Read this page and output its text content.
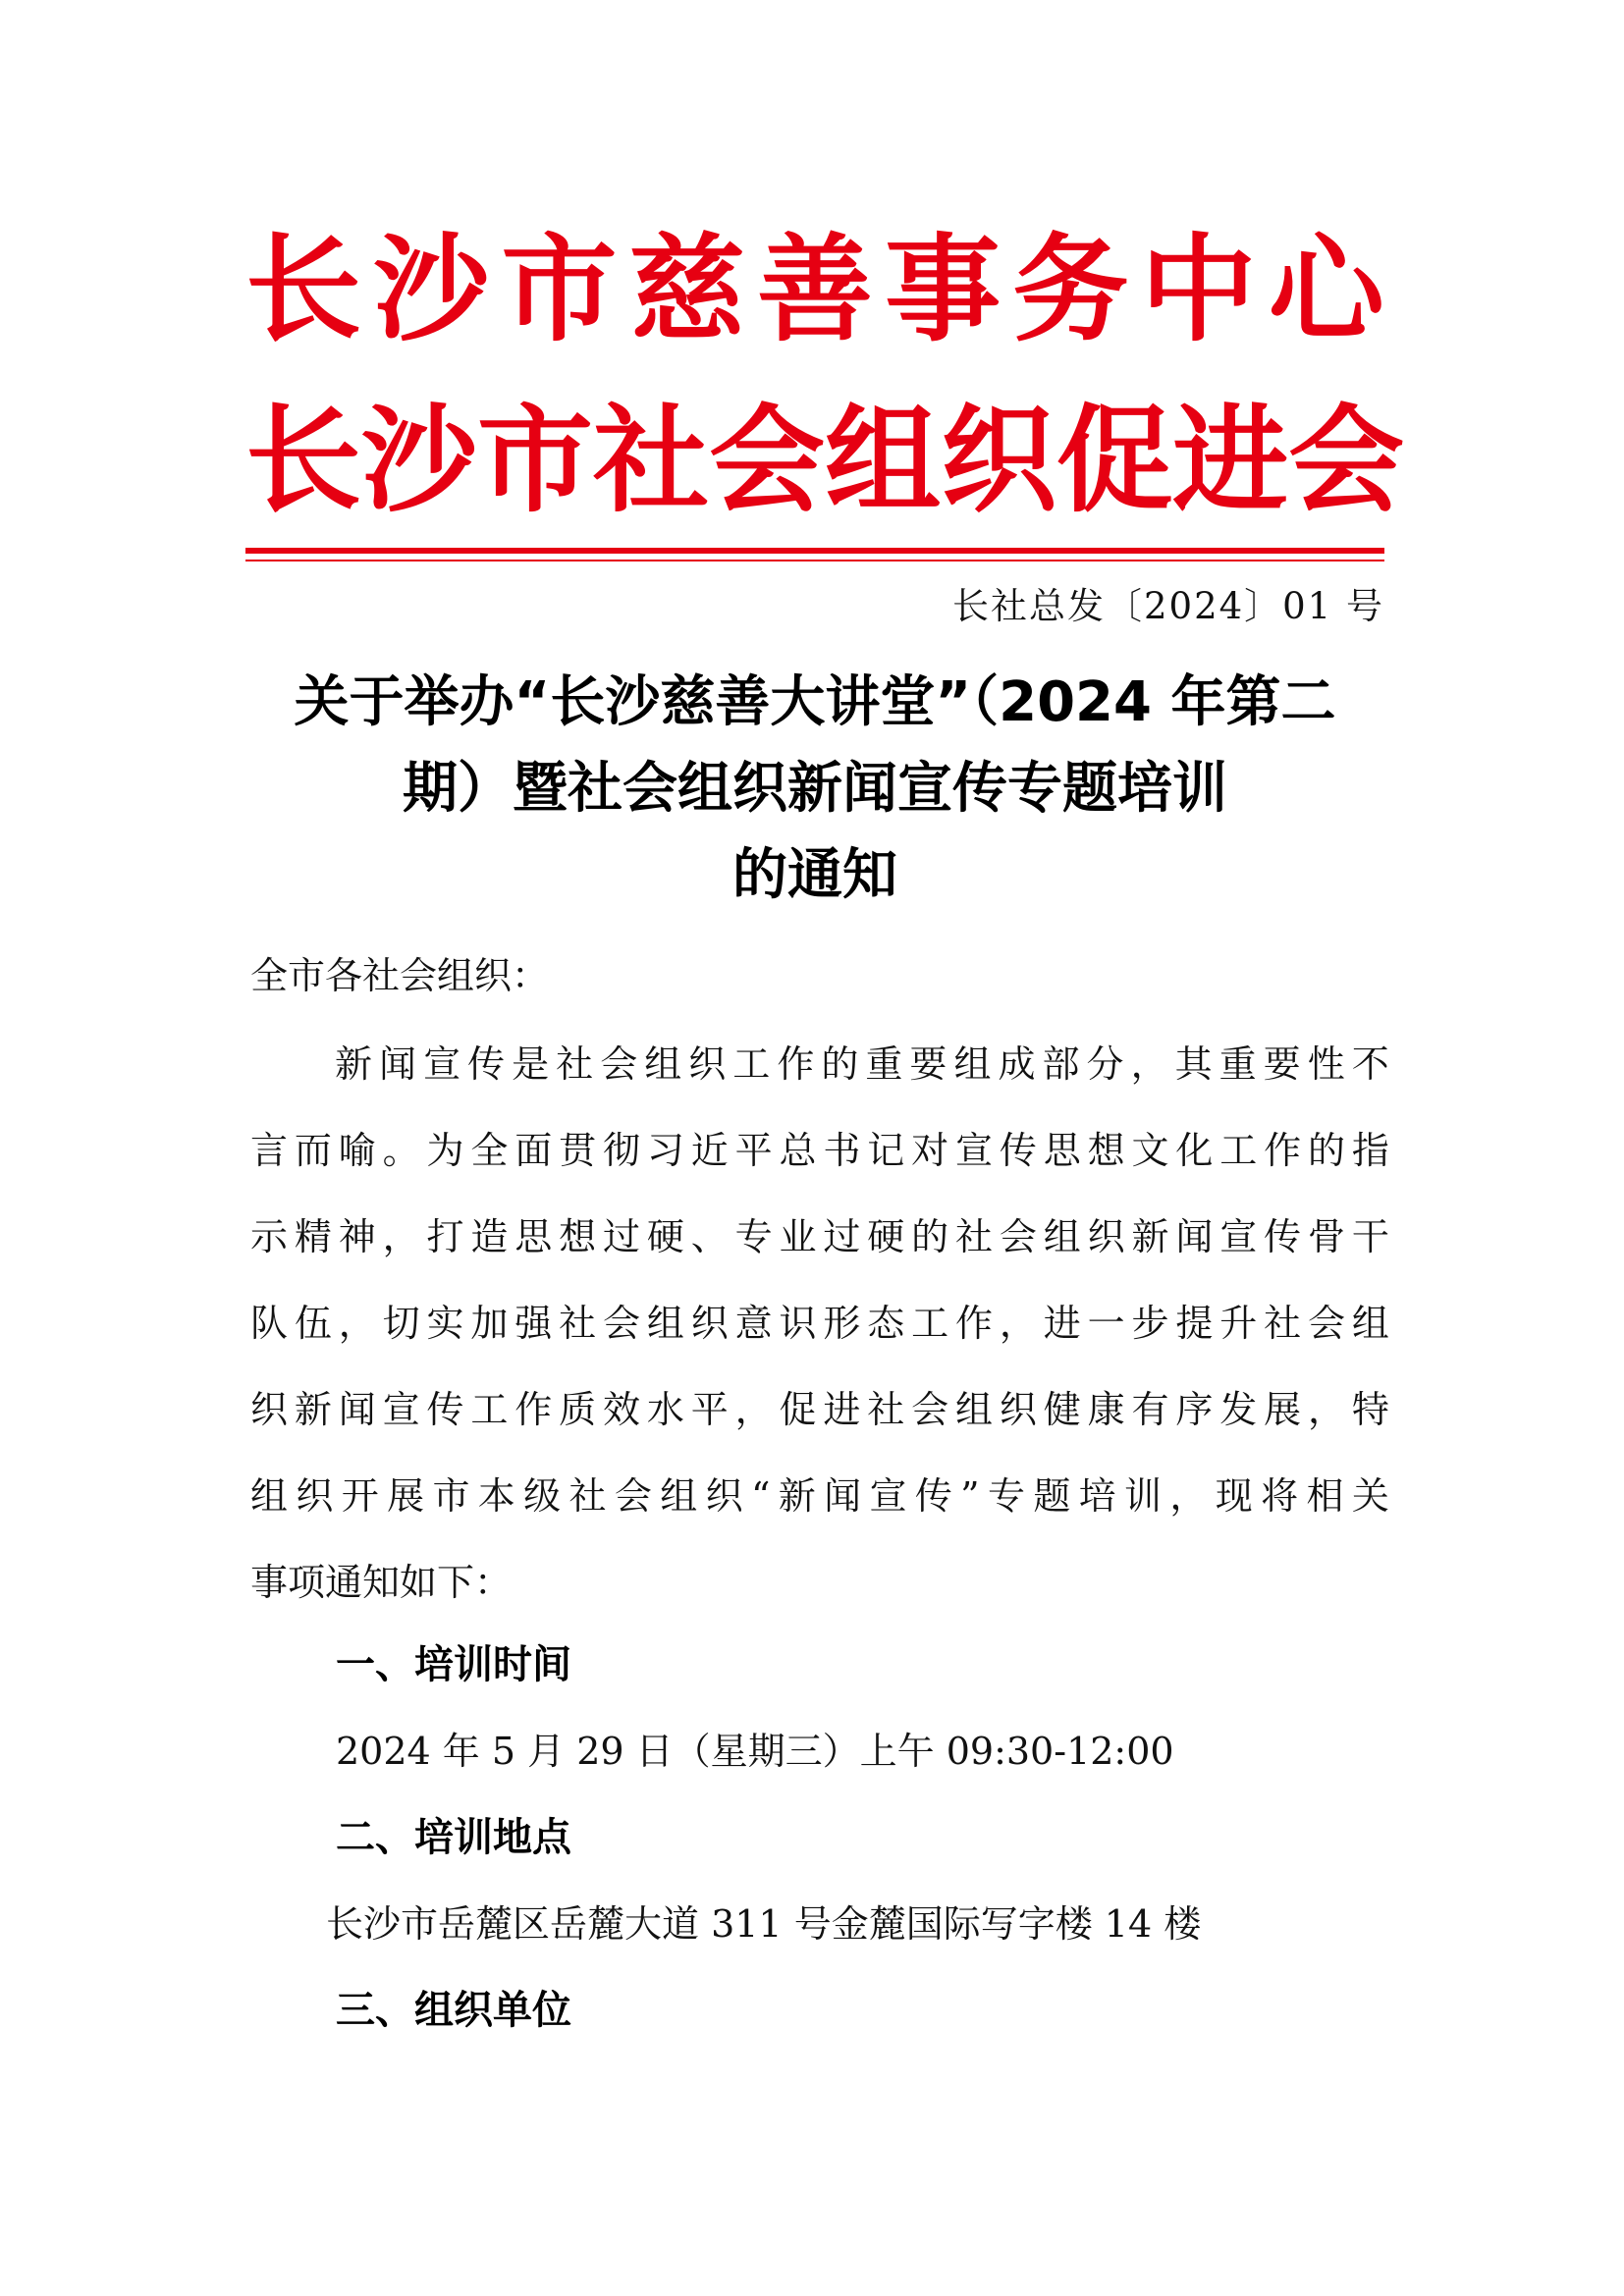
长 沙 市 慈 善 事 务 中 心
长 沙 市 社 会 组 织 促 进 会
长社总发〔2024〕01 号
关于举办“长沙慈善大讲堂”（2024 年第二
期）暨社会组织新闻宣传专题培训
的通知
全市各社会组织：
新 闻 宣 传 是 社 会 组 织 工 作 的 重 要 组 成 部 分 ， 其 重 要 性 不
言 而 喻 。 为 全 面 贯 彻 习 近 平 总 书 记 对 宣 传 思 想 文 化 工 作 的 指
示 精 神 ， 打 造 思 想 过 硬 、 专 业 过 硬 的 社 会 组 织 新 闻 宣 传 骨 干
队 伍 ， 切 实 加 强 社 会 组 织 意 识 形 态 工 作 ， 进 一 步 提 升 社 会 组
织 新 闻 宣 传 工 作 质 效 水 平 ， 促 进 社 会 组 织 健 康 有 序 发 展 ， 特
组 织 开 展 市 本 级 社 会 组 织 “ 新 闻 宣 传 ” 专 题 培 训 ， 现 将 相 关
事项通知如下：
一、培训时间
2024 年 5 月 29 日（星期三）上午 09:30-12:00
二、培训地点
长沙市岳麓区岳麓大道 311 号金麓国际写字楼 14 楼
三、组织单位
